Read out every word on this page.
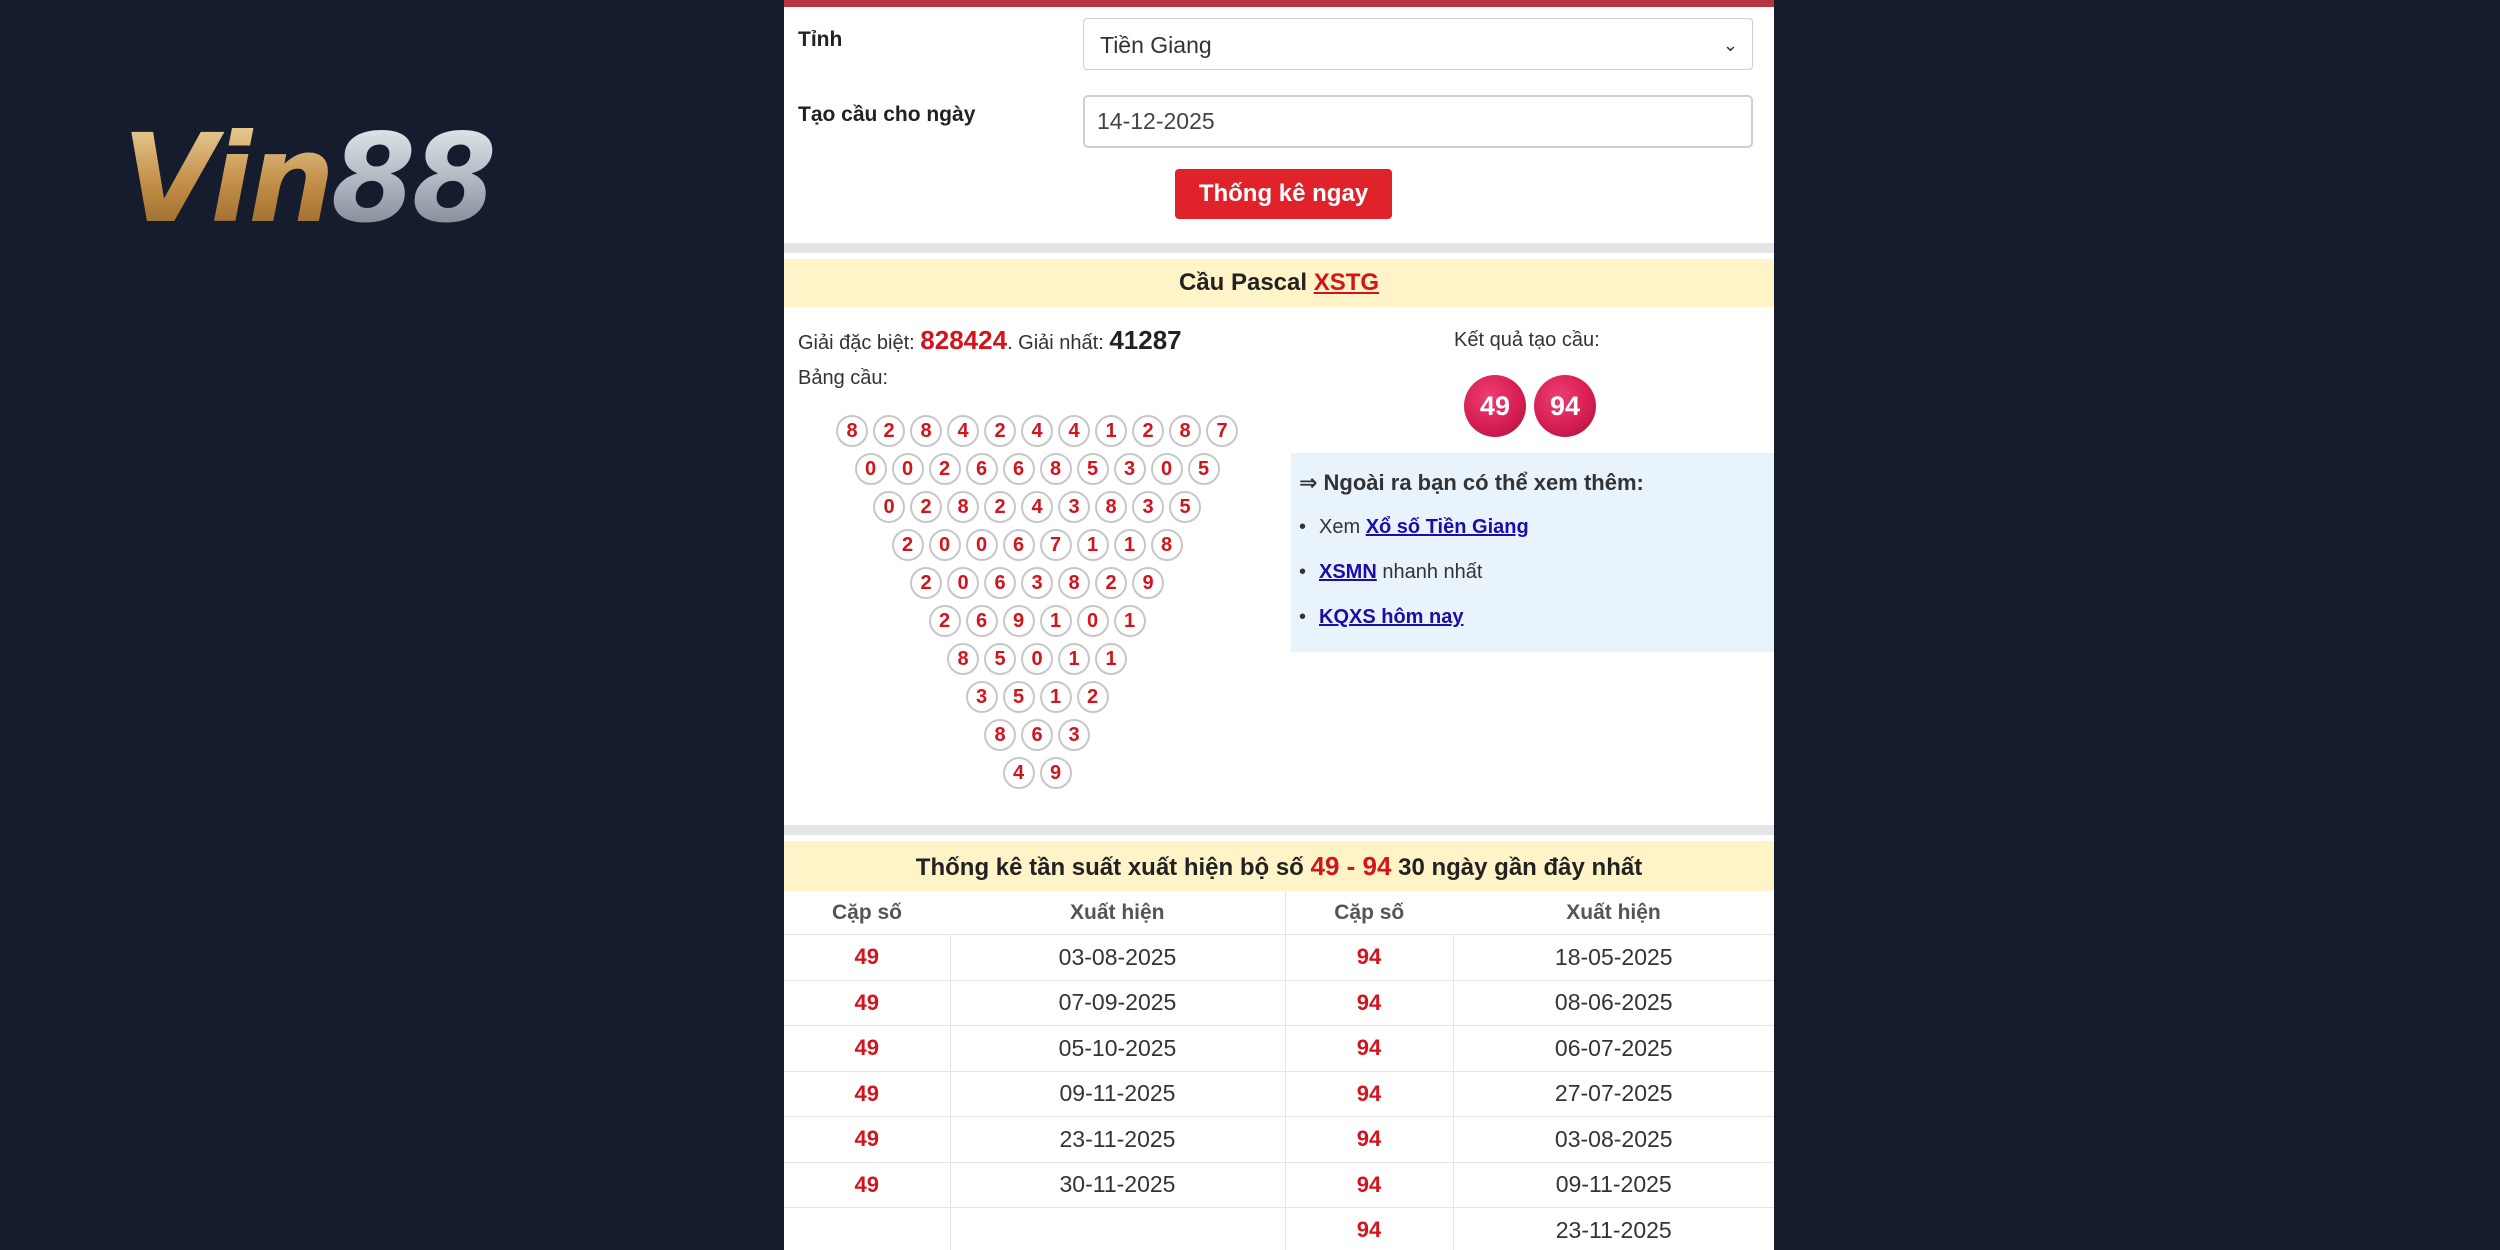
Vin88
Tỉnh	Tiền Giang	⌄
Tạo cầu cho ngày	14-12-2025
Thống kê ngay
Cầu Pascal XSTG
Giải đặc biệt: 828424. Giải nhất: 41287
Bảng cầu:
Kết quả tạo cầu:
49	94
8	2	8	4	2	4	4	1	2	8	7
0	0	2	6	6	8	5	3	0	5
0	2	8	2	4	3	8	3	5
2	0	0	6	7	1	1	8
2	0	6	3	8	2	9
2	6	9	1	0	1
8	5	0	1	1
3	5	1	2
8	6	3
4	9
⇒ Ngoài ra bạn có thể xem thêm:
• Xem Xổ số Tiền Giang
• XSMN nhanh nhất
• KQXS hôm nay
Thống kê tần suất xuất hiện bộ số 49 - 94 30 ngày gần đây nhất
Cặp số	Xuất hiện	Cặp số	Xuất hiện
49	03-08-2025	94	18-05-2025
49	07-09-2025	94	08-06-2025
49	05-10-2025	94	06-07-2025
49	09-11-2025	94	27-07-2025
49	23-11-2025	94	03-08-2025
49	30-11-2025	94	09-11-2025
		94	23-11-2025
